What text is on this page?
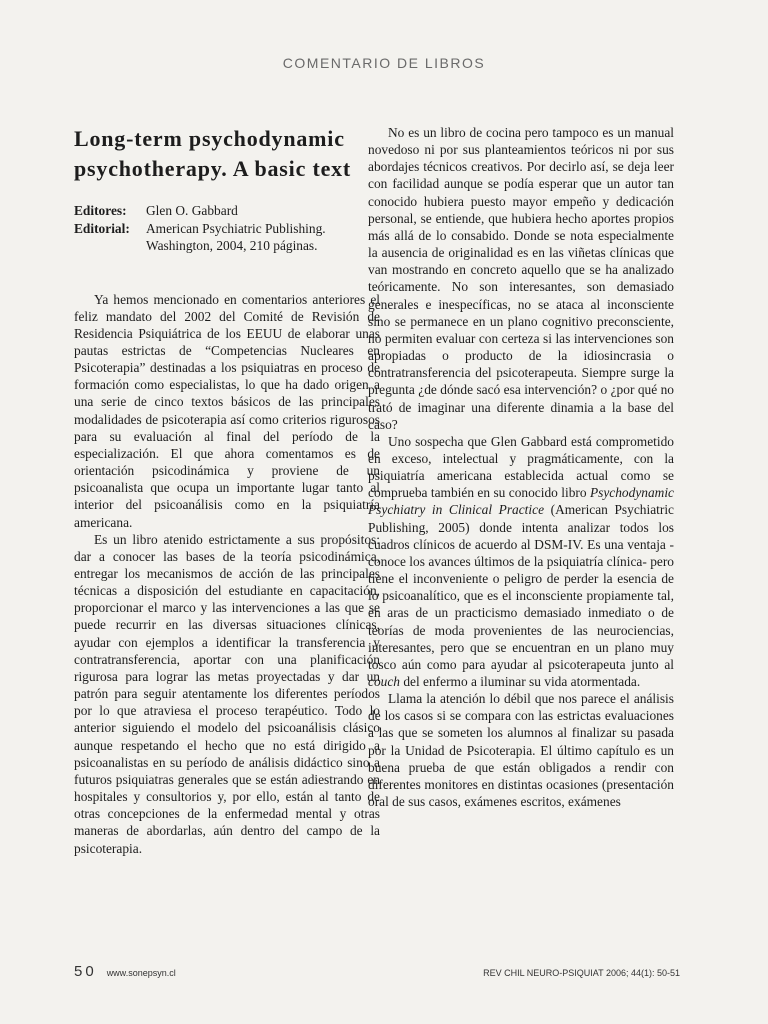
COMENTARIO DE LIBROS
Long-term psychodynamic psychotherapy. A basic text
Editores:	Glen O. Gabbard
Editorial:	American Psychiatric Publishing. Washington, 2004, 210 páginas.

Ya hemos mencionado en comentarios anteriores el feliz mandato del 2002 del Comité de Revisión de Residencia Psiquiátrica de los EEUU de elaborar unas pautas estrictas de “Competencias Nucleares en Psicoterapia” destinadas a los psiquiatras en proceso de formación como especialistas, lo que ha dado origen a una serie de cinco textos básicos de las principales modalidades de psicoterapia así como criterios rigurosos para su evaluación al final del período de la especialización. El que ahora comentamos es de orientación psicodinámica y proviene de un psicoanalista que ocupa un importante lugar tanto al interior del psicoanálisis como en la psiquiatría americana.

Es un libro atenido estrictamente a sus propósitos: dar a conocer las bases de la teoría psicodinámica, entregar los mecanismos de acción de las principales técnicas a disposición del estudiante en capacitación, proporcionar el marco y las intervenciones a las que se puede recurrir en las diversas situaciones clínicas, ayudar con ejemplos a identificar la transferencia y contratransferencia, aportar con una planificación rigurosa para lograr las metas proyectadas y dar un patrón para seguir atentamente los diferentes períodos por lo que atraviesa el proceso terapéutico. Todo lo anterior siguiendo el modelo del psicoanálisis clásico aunque respetando el hecho que no está dirigido a psicoanalistas en su período de análisis didáctico sino a futuros psiquiatras generales que se están adiestrando en hospitales y consultorios y, por ello, están al tanto de otras concepciones de la enfermedad mental y otras maneras de abordarlas, aún dentro del campo de la psicoterapia.

No es un libro de cocina pero tampoco es un manual novedoso ni por sus planteamientos teóricos ni por sus abordajes técnicos creativos. Por decirlo así, se deja leer con facilidad aunque se podía esperar que un autor tan conocido hubiera puesto mayor empeño y dedicación personal, se entiende, que hubiera hecho aportes propios más allá de lo consabido. Donde se nota especialmente la ausencia de originalidad es en las viñetas clínicas que van mostrando en concreto aquello que se ha analizado teóricamente. No son interesantes, son demasiado generales e inespecíficas, no se ataca al inconsciente sino se permanece en un plano cognitivo preconsciente, no permiten evaluar con certeza si las intervenciones son apropiadas o producto de la idiosincrasia o contratransferencia del psicoterapeuta. Siempre surge la pregunta ¿de dónde sacó esa intervención? o ¿por qué no trató de imaginar una diferente dinamia a la base del caso?

Uno sospecha que Glen Gabbard está comprometido en exceso, intelectual y pragmáticamente, con la psiquiatría americana establecida actual como se comprueba también en su conocido libro Psychodynamic Psychiatry in Clinical Practice (American Psychiatric Publishing, 2005) donde intenta analizar todos los cuadros clínicos de acuerdo al DSM-IV. Es una ventaja -conoce los avances últimos de la psiquiatría clínica- pero tiene el inconveniente o peligro de perder la esencia de lo psicoanalítico, que es el inconsciente propiamente tal, en aras de un practicismo demasiado inmediato o de teorías de moda provenientes de las neurociencias, interesantes, pero que se encuentran en un plano muy tosco aún como para ayudar al psicoterapeuta junto al couch del enfermo a iluminar su vida atormentada.

Llama la atención lo débil que nos parece el análisis de los casos si se compara con las estrictas evaluaciones a las que se someten los alumnos al finalizar su pasada por la Unidad de Psicoterapia. El último capítulo es un buena prueba de que están obligados a rendir con diferentes monitores en distintas ocasiones (presentación oral de sus casos, exámenes escritos, exámenes

50 www.sonepsyn.cl	REV CHIL NEURO-PSIQUIAT 2006; 44(1): 50-51
